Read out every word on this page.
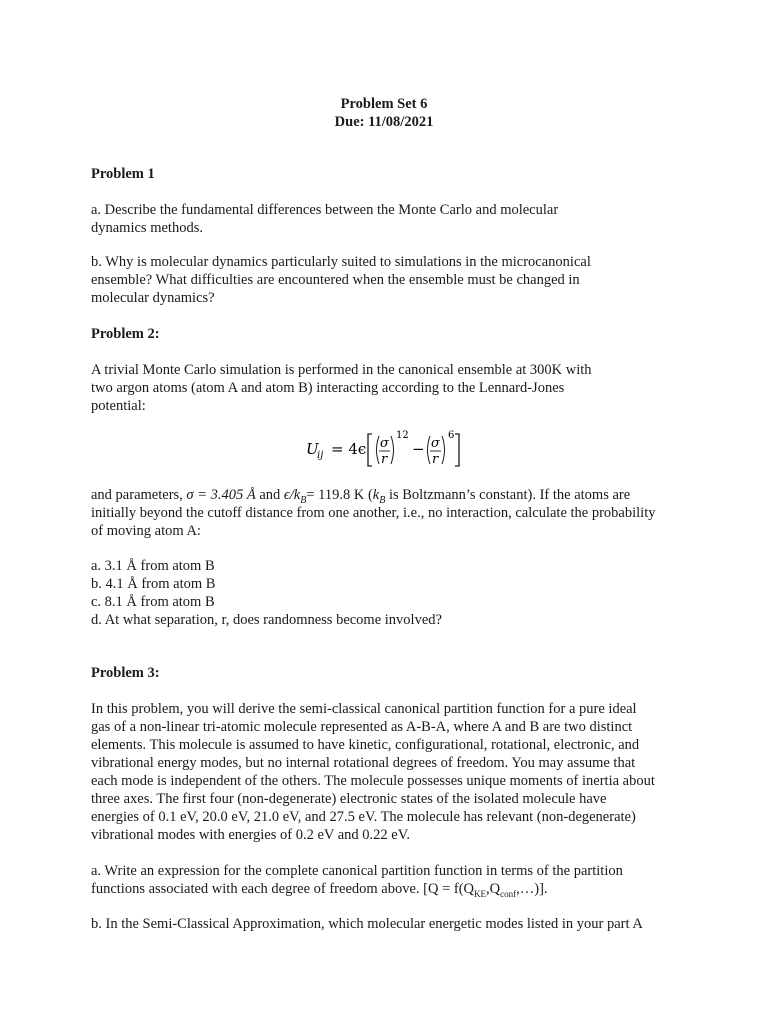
Problem Set 6

Due: 11/08/2021

Problem 1

a. Describe the fundamental differences between the Monte Carlo and molecular

dynamics methods.

b. Why is molecular dynamics particularly suited to simulations in the microcanonical

ensemble? What difficulties are encountered when the ensemble must be changed in

molecular dynamics?

Problem 2:

A trivial Monte Carlo simulation is performed in the canonical ensemble at 300K with

two argon atoms (atom A and atom B) interacting according to the Lennard-Jones

potential:

U
ij = 4ϵ σ
r
12
− σ
r
6

and parameters, σ = 3.405 Å and $\epsilon/k_B= 119.8$ K ($k_B$ is Boltzmann’s constant). If the atoms are

initially beyond the cutoff distance from one another, i.e., no interaction, calculate the probability

of moving atom A:

a. 3.1 Å from atom B

b. 4.1 Å from atom B

c. 8.1 Å from atom B

d. At what separation, r, does randomness become involved?

Problem 3:

In this problem, you will derive the semi-classical canonical partition function for a pure ideal

gas of a non-linear tri-atomic molecule represented as A-B-A, where A and B are two distinct

elements. This molecule is assumed to have kinetic, configurational, rotational, electronic, and

vibrational energy modes, but no internal rotational degrees of freedom. You may assume that

each mode is independent of the others. The molecule possesses unique moments of inertia about

three axes. The first four (non-degenerate) electronic states of the isolated molecule have

energies of 0.1 eV, 20.0 eV, 21.0 eV, and 27.5 eV. The molecule has relevant (non-degenerate)

vibrational modes with energies of 0.2 eV and 0.22 eV.

a. Write an expression for the complete canonical partition function in terms of the partition

functions associated with each degree of freedom above. $[Q = f(Q_{KE},Q_{conf},\dots)]$.

b. In the Semi-Classical Approximation, which molecular energetic modes listed in your part A
